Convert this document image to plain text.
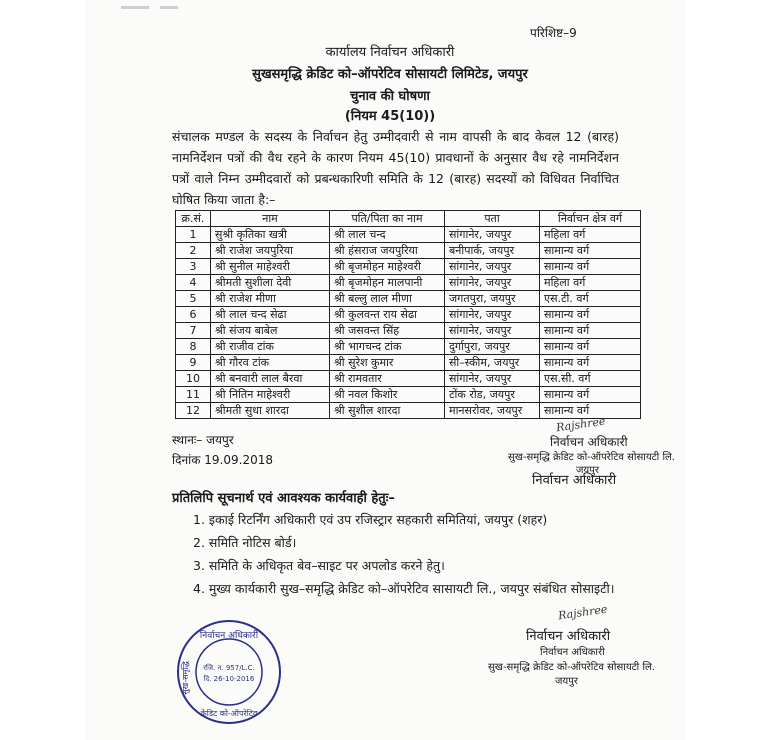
परिशिष्ट–9
कार्यालय निर्वाचन अधिकारी
सुखसमृद्धि क्रेडिट को–ऑपरेटिव सोसायटी लिमिटेड, जयपुर
चुनाव की घोषणा
(नियम 45(10))
संचालक मण्डल के सदस्य के निर्वाचन हेतु उम्मीदवारी से नाम वापसी के बाद केवल 12 (बारह) नामनिर्देशन पत्रों की वैध रहने के कारण नियम 45(10) प्रावधानों के अनुसार वैध रहे नामनिर्देशन पत्रों वाले निम्न उम्मीदवारों को प्रबन्धकारिणी समिति के 12 (बारह) सदस्यों को विधिवत निर्वाचित घोषित किया जाता है:–
क्र.सं.	नाम	पति/पिता का नाम	पता	निर्वाचन क्षेत्र वर्ग
1	सुश्री कृतिका खत्री	श्री लाल चन्द	सांगानेर, जयपुर	महिला वर्ग
2	श्री राजेश जयपुरिया	श्री हंसराज जयपुरिया	बनीपार्क, जयपुर	सामान्य वर्ग
3	श्री सुनील माहेश्वरी	श्री बृजमोहन माहेश्वरी	सांगानेर, जयपुर	सामान्य वर्ग
4	श्रीमती सुशीला देवी	श्री बृजमोहन मालपानी	सांगानेर, जयपुर	महिला वर्ग
5	श्री राजेश मीणा	श्री बल्लु लाल मीणा	जगतपुरा, जयपुर	एस.टी. वर्ग
6	श्री लाल चन्द सेढा	श्री कुलवन्त राय सेढा	सांगानेर, जयपुर	सामान्य वर्ग
7	श्री संजय बाबेल	श्री जसवन्त सिंह	सांगानेर, जयपुर	सामान्य वर्ग
8	श्री राजीव टांक	श्री भागचन्द टांक	दुर्गापुरा, जयपुर	सामान्य वर्ग
9	श्री गौरव टांक	श्री सुरेश कुमार	सी–स्कीम, जयपुर	सामान्य वर्ग
10	श्री बनवारी लाल बैरवा	श्री रामवतार	सांगानेर, जयपुर	एस.सी. वर्ग
11	श्री नितिन माहेश्वरी	श्री नवल किशोर	टोंक रोड, जयपुर	सामान्य वर्ग
12	श्रीमती सुधा शारदा	श्री सुशील शारदा	मानसरोवर, जयपुर	सामान्य वर्ग
स्थानः– जयपुर
दिनांक 19.09.2018
Rajshree
निर्वाचन अधिकारी
सुख-समृद्धि क्रेडिट को-ऑपरेटिव सोसायटी लि.
जयपुर
निर्वाचन अधिकारी
प्रतिलिपि सूचनार्थ एवं आवश्यक कार्यवाही हेतुः–
1. इकाई रिटर्निंग अधिकारी एवं उप रजिस्ट्रार सहकारी समितियां, जयपुर (शहर)
2. समिति नोटिस बोर्ड।
3. समिति के अधिकृत बेव–साइट पर अपलोड करने हेतु।
4. मुख्य कार्यकारी सुख–समृद्धि क्रेडिट को–ऑपरेटिव सासायटी लि., जयपुर संबंधित सोसाइटी।
Rajshree
निर्वाचन अधिकारी
निर्वाचन अधिकारी
सुख-समृद्धि क्रेडिट को-ऑपरेटिव सोसायटी लि.
जयपुर
निर्वाचन अधिकारी
सुख-समृद्धि
क्रेडिट को-ऑपरेटिव
रजि. न. 957/L.C.
दि. 26-10-2016
